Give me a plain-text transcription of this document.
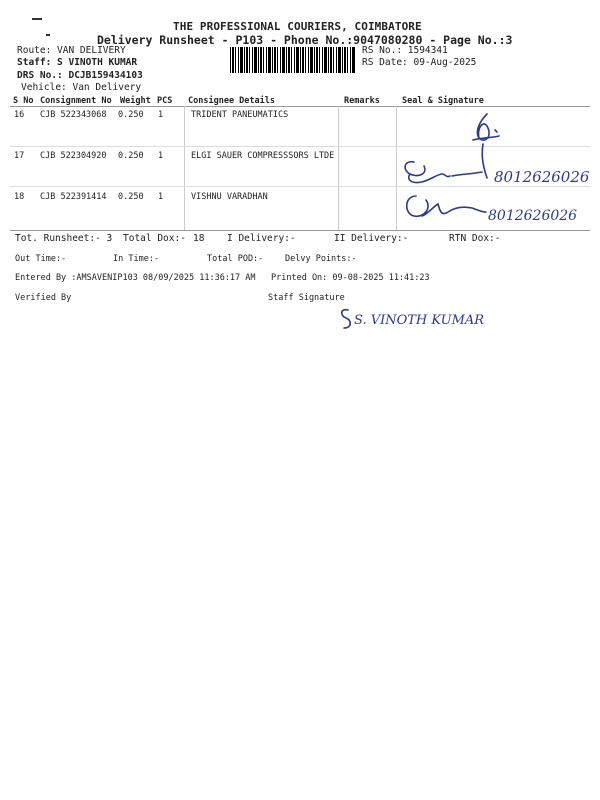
THE PROFESSIONAL COURIERS, COIMBATORE
Delivery Runsheet - P103 - Phone No.:9047080280 - Page No.:3
Route: VAN DELIVERY
Staff: S VINOTH KUMAR
DRS No.: DCJB159434103
Vehicle: Van Delivery
RS No.: 1594341
RS Date: 09-Aug-2025
S No Consignment No Weight PCS Consignee Details	Remarks	Seal & Signature
16 CJB 522343068 0.250 1	TRIDENT PANEUMATICS
17 CJB 522304920 0.250 1	ELGI SAUER COMPRESSSORS LTDE
18 CJB 522391414 0.250 1	VISHNU VARADHAN
8012626026
8012626026
Tot. Runsheet:- 3 Total Dox:- 18 I Delivery:-	II Delivery:-	RTN Dox:-
Out Time:-	In Time:-	Total POD:-	Delvy Points:-
Entered By :AMSAVENIP103 08/09/2025 11:36:17 AM Printed On: 09-08-2025 11:41:23
Verified By	Staff Signature
S. VINOTH KUMAR
